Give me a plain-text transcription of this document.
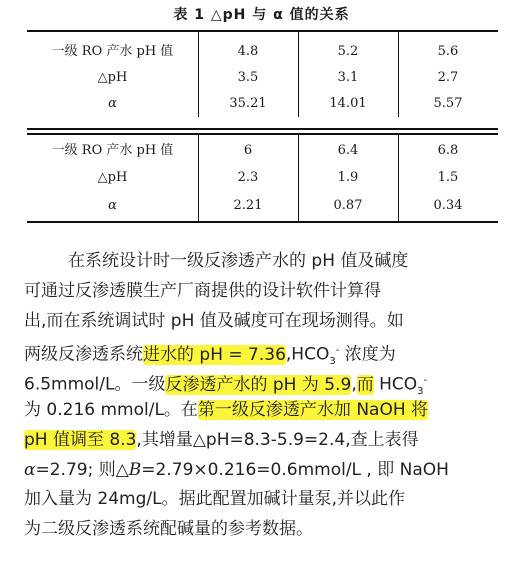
表 1 △pH 与 α 值的关系
一级 RO 产水 pH 值	4.8	5.2	5.6
△pH	3.5	3.1	2.7
α	35.21	14.01	5.57
一级 RO 产水 pH 值	6	6.4	6.8
△pH	2.3	1.9	1.5
α	2.21	0.87	0.34
在系统设计时一级反渗透产水的 pH 值及碱度
可通过反渗透膜生产厂商提供的设计软件计算得
出,而在系统调试时 pH 值及碱度可在现场测得。如
两级反渗透系统进水的 pH = $7.36,HCO_3^-$ 浓度为
6.5mmol/L。一级反渗透产水的 pH 为 5.9,而 $HCO_3^-$
为 0.216 mmol/L。在第一级反渗透产水加 NaOH 将
pH 值调至 8.3,其增量△pH=8.3-5.9=2.4,查上表得
α=2.79; 则△B=2.79×0.216=0.6mmol/L , 即 NaOH
加入量为 24mg/L。据此配置加碱计量泵,并以此作
为二级反渗透系统配碱量的参考数据。
